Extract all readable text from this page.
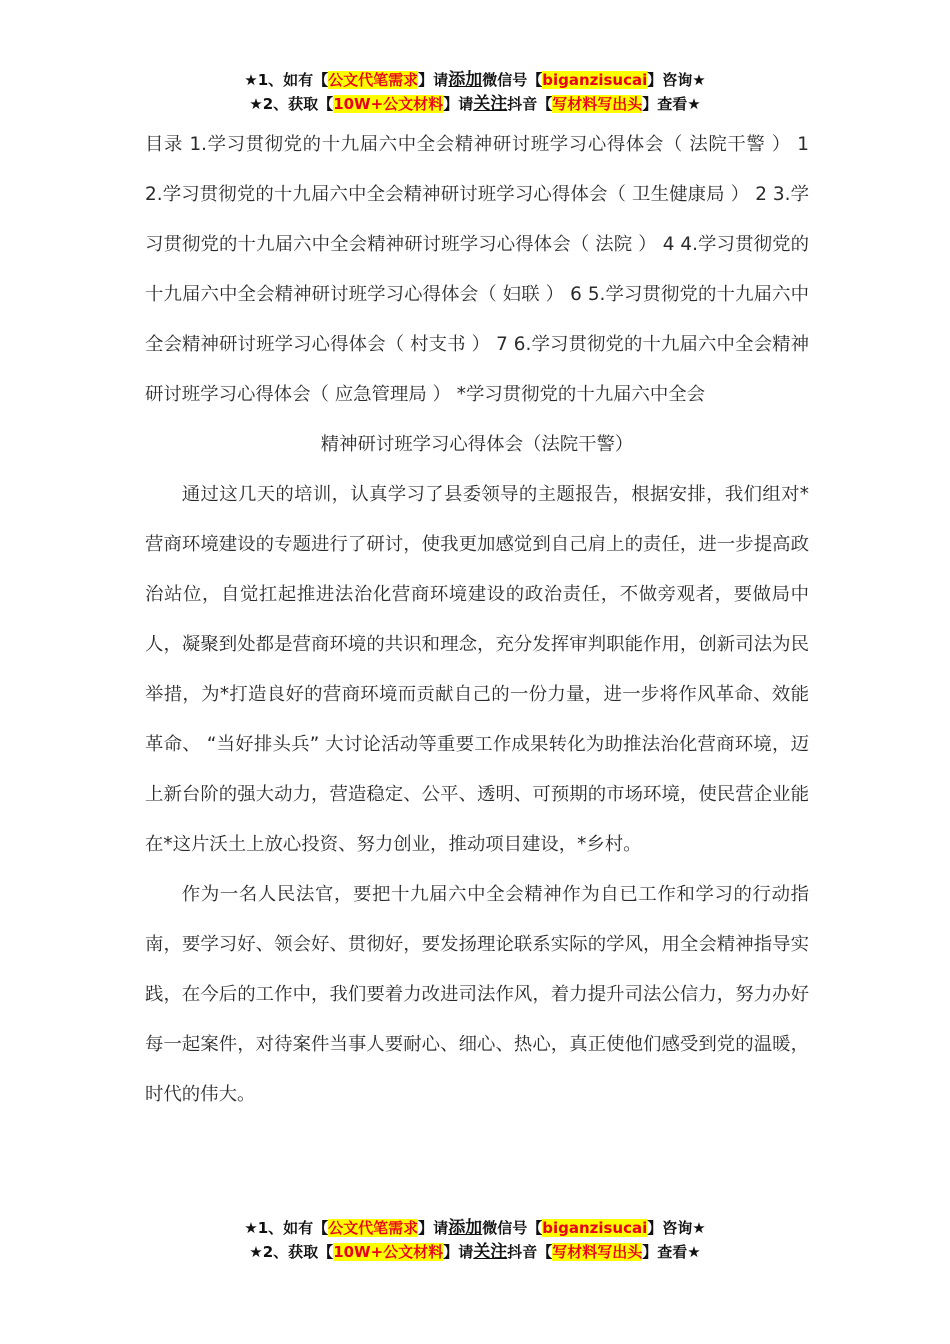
★1、如有【公文代笔需求】请添加微信号【biganzisucai】咨询★
★2、获取【10W+公文材料】请关注抖音【写材料写出头】查看★
目录 1.学习贯彻党的十九届六中全会精神研讨班学习心得体会（ 法院干警 ） 1 2.学习贯彻党的十九届六中全会精神研讨班学习心得体会（ 卫生健康局 ） 2 3.学习贯彻党的十九届六中全会精神研讨班学习心得体会（ 法院 ） 4 4.学习贯彻党的十九届六中全会精神研讨班学习心得体会（ 妇联 ） 6 5.学习贯彻党的十九届六中全会精神研讨班学习心得体会（ 村支书 ） 7 6.学习贯彻党的十九届六中全会精神研讨班学习心得体会（ 应急管理局 ） *学习贯彻党的十九届六中全会
精神研讨班学习心得体会（法院干警）

通过这几天的培训，认真学习了县委领导的主题报告，根据安排，我们组对*营商环境建设的专题进行了研讨，使我更加感觉到自己肩上的责任，进一步提高政治站位，自觉扛起推进法治化营商环境建设的政治责任，不做旁观者，要做局中人，凝聚到处都是营商环境的共识和理念，充分发挥审判职能作用，创新司法为民举措，为*打造良好的营商环境而贡献自己的一份力量，进一步将作风革命、效能革命、 “当好排头兵” 大讨论活动等重要工作成果转化为助推法治化营商环境，迈上新台阶的强大动力，营造稳定、公平、透明、可预期的市场环境，使民营企业能在*这片沃土上放心投资、努力创业，推动项目建设，*乡村。

作为一名人民法官，要把十九届六中全会精神作为自已工作和学习的行动指南，要学习好、领会好、贯彻好，要发扬理论联系实际的学风，用全会精神指导实践，在今后的工作中，我们要着力改进司法作风，着力提升司法公信力，努力办好每一起案件，对待案件当事人要耐心、细心、热心，真正使他们感受到党的温暖，时代的伟大。

★1、如有【公文代笔需求】请添加微信号【biganzisucai】咨询★
★2、获取【10W+公文材料】请关注抖音【写材料写出头】查看★
